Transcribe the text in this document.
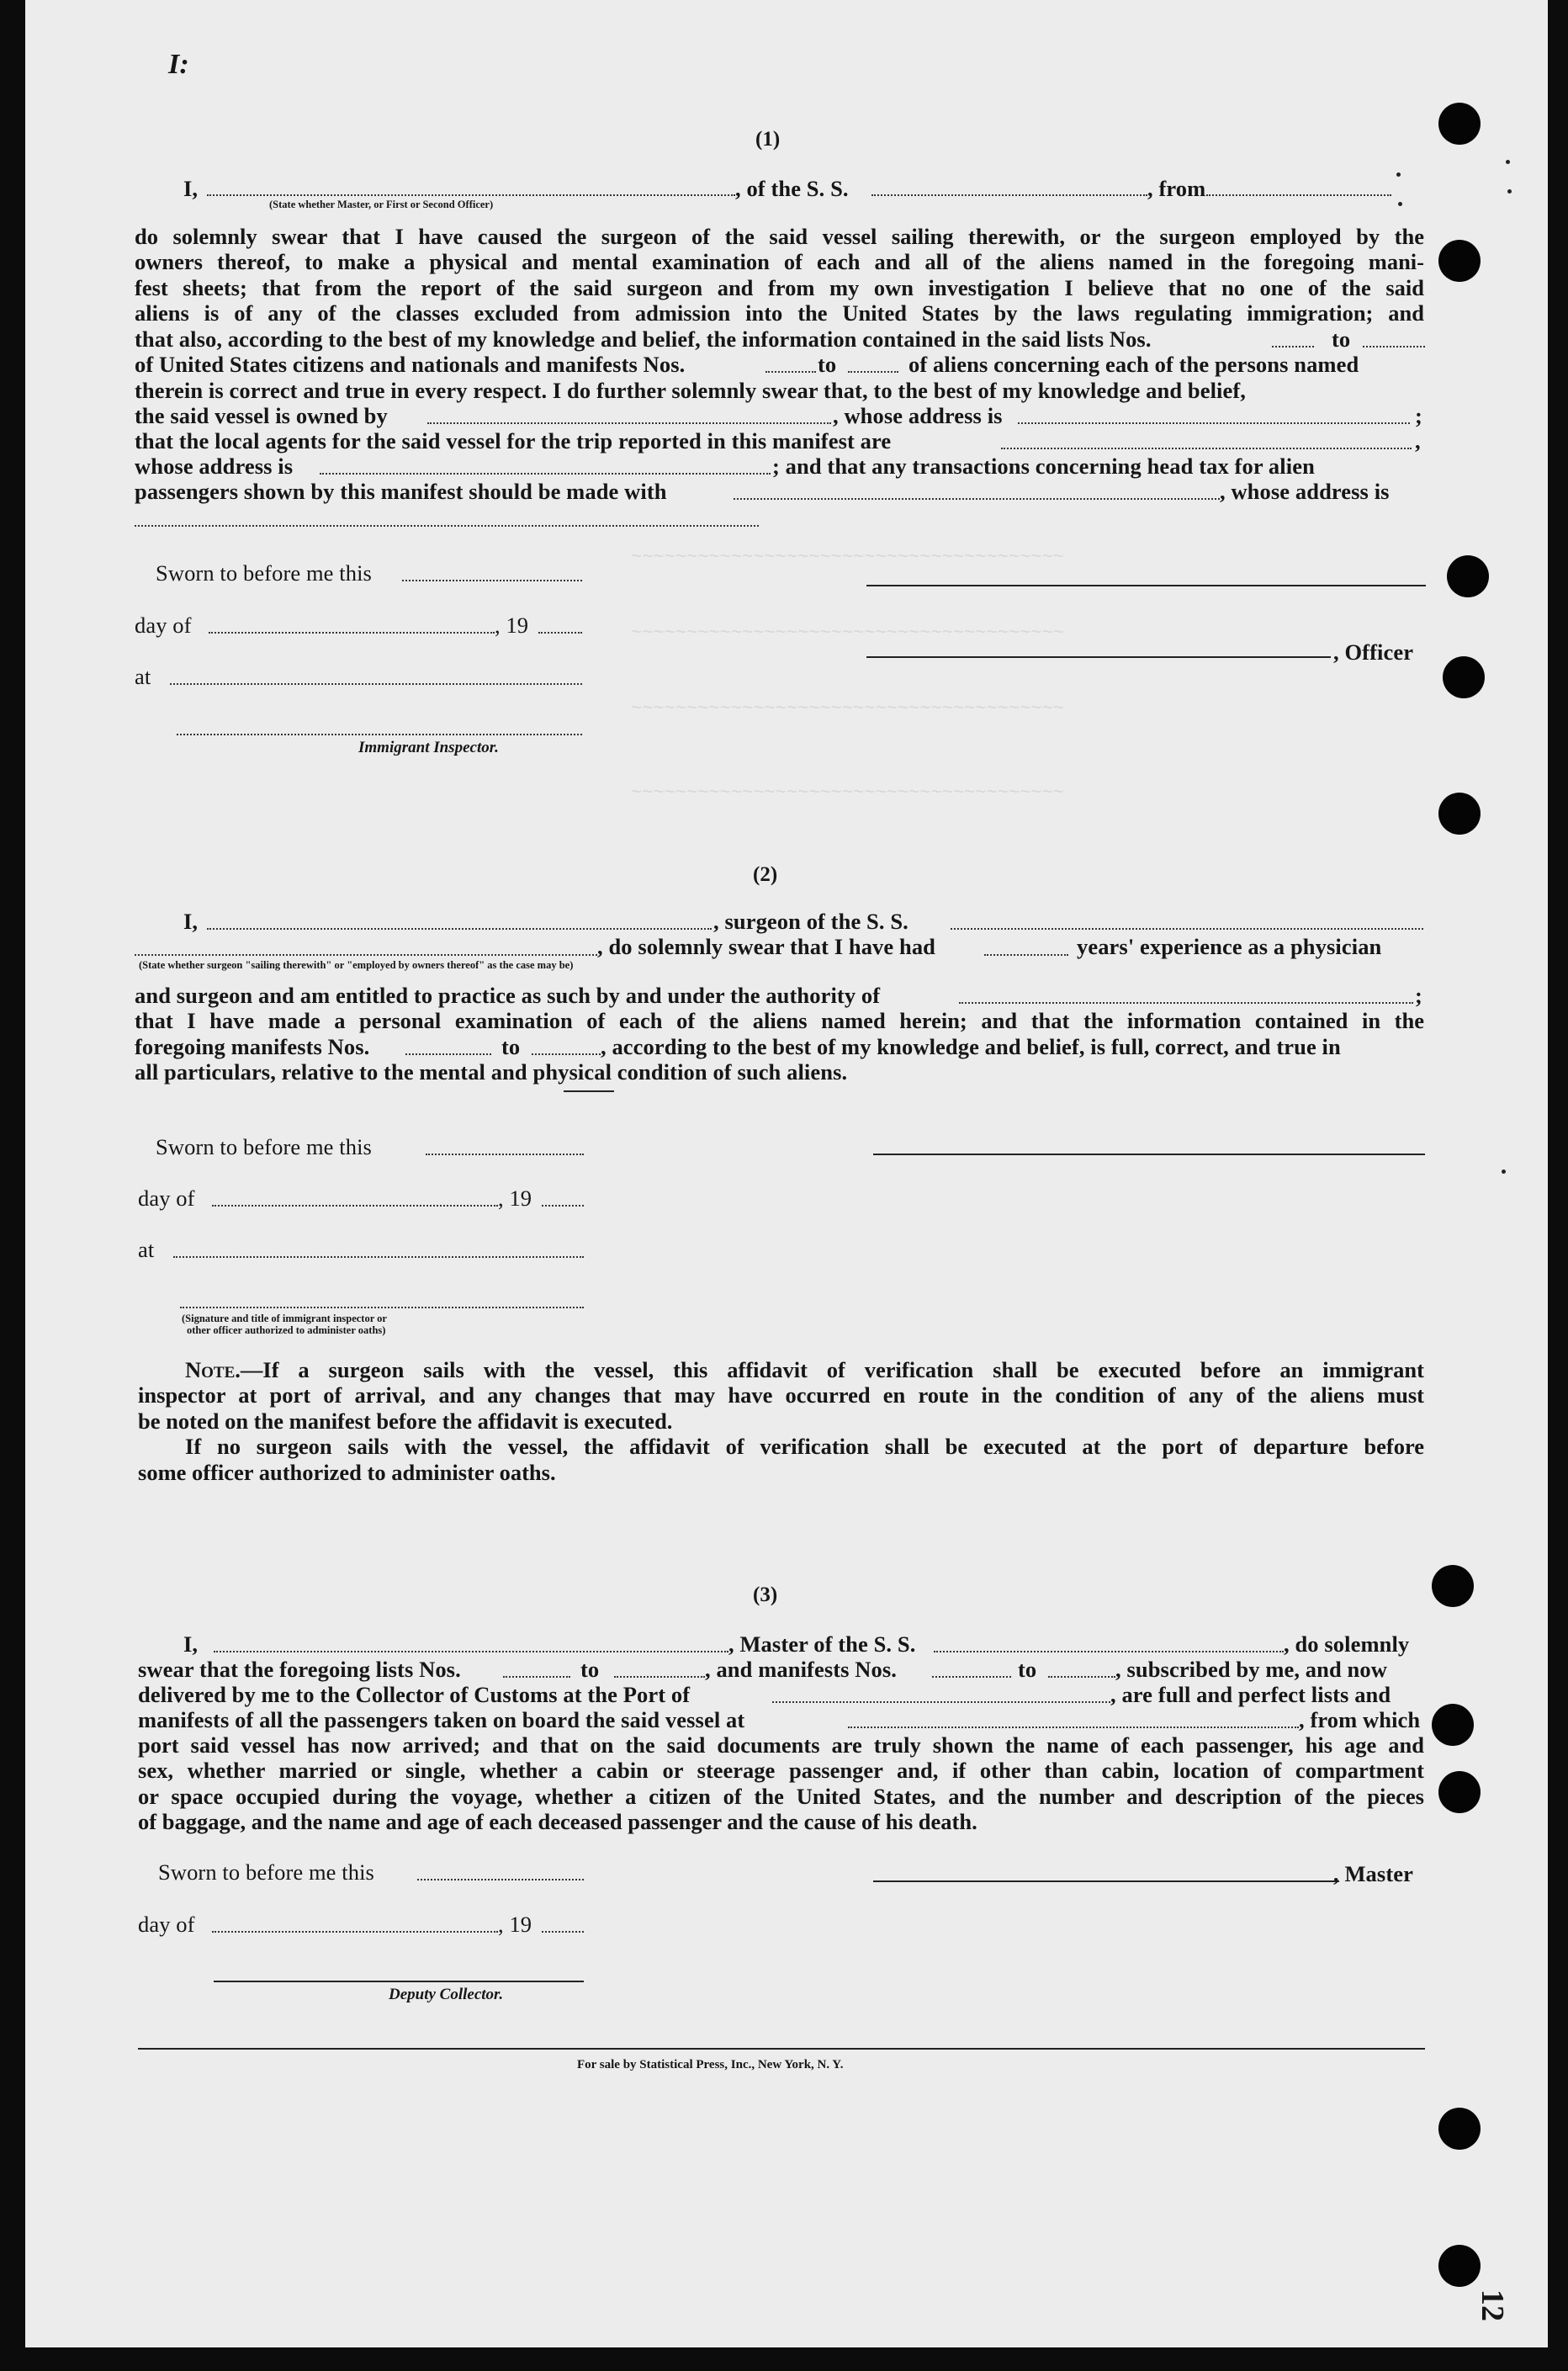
I:
12
~~~~~~~~~~~~~~~~~~~~~~~~~~~~~~~~~~~~~~~
~~~~~~~~~~~~~~~~~~~~~~~~~~~~~~~~~~~~~~~
~~~~~~~~~~~~~~~~~~~~~~~~~~~~~~~~~~~~~~~
~~~~~~~~~~~~~~~~~~~~~~~~~~~~~~~~~~~~~~~
(1)
I,	, of the S. S.	, from
(State whether Master, or First or Second Officer)
do solemnly swear that I have caused the surgeon of the said vessel sailing therewith, or the surgeon employed by the
owners thereof, to make a physical and mental examination of each and all of the aliens named in the foregoing mani-
fest sheets; that from the report of the said surgeon and from my own investigation I believe that no one of the said
aliens is of any of the classes excluded from admission into the United States by the laws regulating immigration; and
that also, according to the best of my knowledge and belief, the information contained in the said lists Nos.	to
of United States citizens and nationals and manifests Nos.	to	of aliens concerning each of the persons named
therein is correct and true in every respect. I do further solemnly swear that, to the best of my knowledge and belief,
the said vessel is owned by	, whose address is	;
that the local agents for the said vessel for the trip reported in this manifest are	,
whose address is	; and that any transactions concerning head tax for alien
passengers shown by this manifest should be made with	, whose address is
Sworn to before me this
day of	, 19
, Officer
at
Immigrant Inspector.
(2)
I,	, surgeon of the S. S.
, do solemnly swear that I have had	years' experience as a physician
(State whether surgeon "sailing therewith" or "employed by owners thereof" as the case may be)
and surgeon and am entitled to practice as such by and under the authority of	;
that I have made a personal examination of each of the aliens named herein; and that the information contained in the
foregoing manifests Nos.	to	, according to the best of my knowledge and belief, is full, correct, and true in
all particulars, relative to the mental and physical condition of such aliens.
Sworn to before me this
day of	, 19
at
(Signature and title of immigrant inspector or
other officer authorized to administer oaths)
Note.—If a surgeon sails with the vessel, this affidavit of verification shall be executed before an immigrant
inspector at port of arrival, and any changes that may have occurred en route in the condition of any of the aliens must
be noted on the manifest before the affidavit is executed.
If no surgeon sails with the vessel, the affidavit of verification shall be executed at the port of departure before
some officer authorized to administer oaths.
(3)
I,	, Master of the S. S.	, do solemnly
swear that the foregoing lists Nos.	to	, and manifests Nos.	to	, subscribed by me, and now
delivered by me to the Collector of Customs at the Port of	, are full and perfect lists and
manifests of all the passengers taken on board the said vessel at	, from which
port said vessel has now arrived; and that on the said documents are truly shown the name of each passenger, his age and
sex, whether married or single, whether a cabin or steerage passenger and, if other than cabin, location of compartment
or space occupied during the voyage, whether a citizen of the United States, and the number and description of the pieces
of baggage, and the name and age of each deceased passenger and the cause of his death.
Sworn to before me this	, Master
day of	, 19
Deputy Collector.
For sale by Statistical Press, Inc., New York, N. Y.
